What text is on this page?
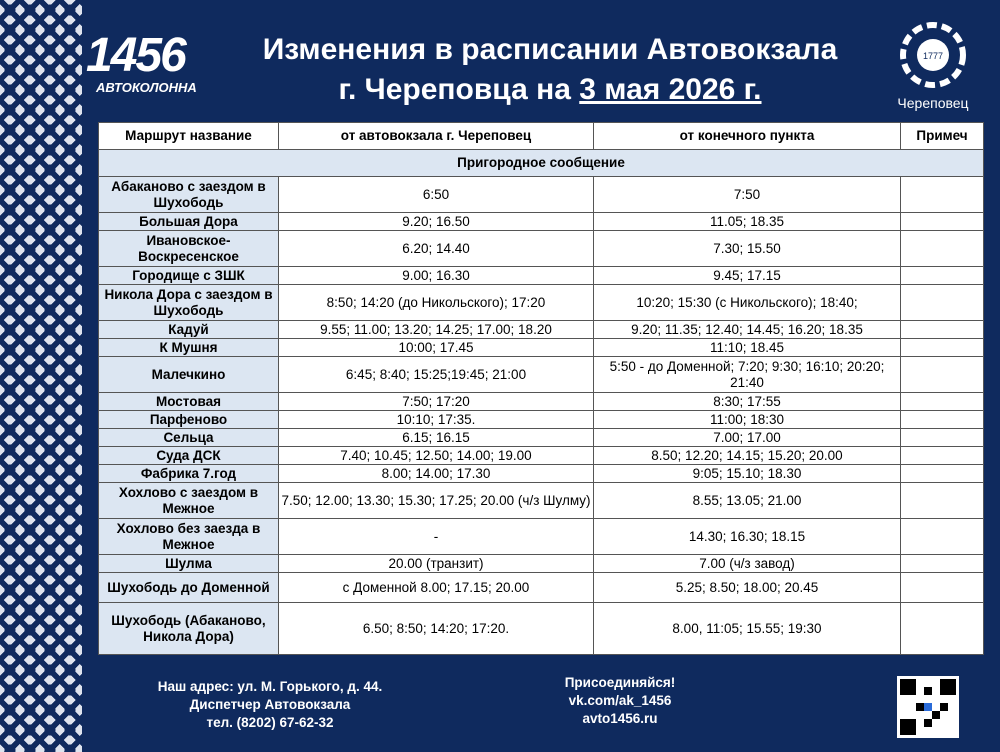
1456
АВТОКОЛОННА
Изменения в расписании Автовокзала
г. Череповца на 3 мая 2026 г.
1777
Череповец
Маршрут название	от автовокзала г. Череповец	от конечного пункта	Примеч
Пригородное сообщение			
Абаканово с заездом в Шухободь	6:50	7:50	
Большая Дора	9.20; 16.50	11.05; 18.35	
Ивановское-Воскресенское	6.20; 14.40	7.30; 15.50	
Городище с ЗШК	9.00; 16.30	9.45; 17.15	
Никола Дора с заездом в Шухободь	8:50; 14:20 (до Никольского); 17:20	10:20; 15:30 (с Никольского); 18:40;	
Кадуй	9.55; 11.00; 13.20; 14.25; 17.00; 18.20	9.20; 11.35; 12.40; 14.45; 16.20; 18.35	
К Мушня	10:00; 17.45	11:10; 18.45	
Малечкино	6:45; 8:40; 15:25;19:45; 21:00	5:50 - до Доменной; 7:20; 9:30; 16:10; 20:20; 21:40	
Мостовая	7:50; 17:20	8:30; 17:55	
Парфеново	10:10; 17:35.	11:00; 18:30	
Сельца	6.15; 16.15	7.00; 17.00	
Суда ДСК	7.40; 10.45; 12.50; 14.00; 19.00	8.50; 12.20; 14.15; 15.20; 20.00	
Фабрика 7.год	8.00; 14.00; 17.30	9:05; 15.10; 18.30	
Хохлово с заездом в Межное	7.50; 12.00; 13.30; 15.30; 17.25; 20.00 (ч/з Шулму)	8.55; 13.05; 21.00	
Хохлово без заезда в Межное	-	14.30; 16.30; 18.15	
Шулма	20.00 (транзит)	7.00 (ч/з завод)	
Шухободь до Доменной	с Доменной 8.00; 17.15; 20.00	5.25; 8.50; 18.00; 20.45	
Шухободь (Абаканово, Никола Дора)	6.50; 8:50; 14:20; 17:20.	8.00, 11:05; 15.55; 19:30	
Наш адрес: ул. М. Горького, д. 44.
Диспетчер Автовокзала
тел. (8202) 67-62-32
Присоединяйся!
vk.com/ak_1456
avto1456.ru
